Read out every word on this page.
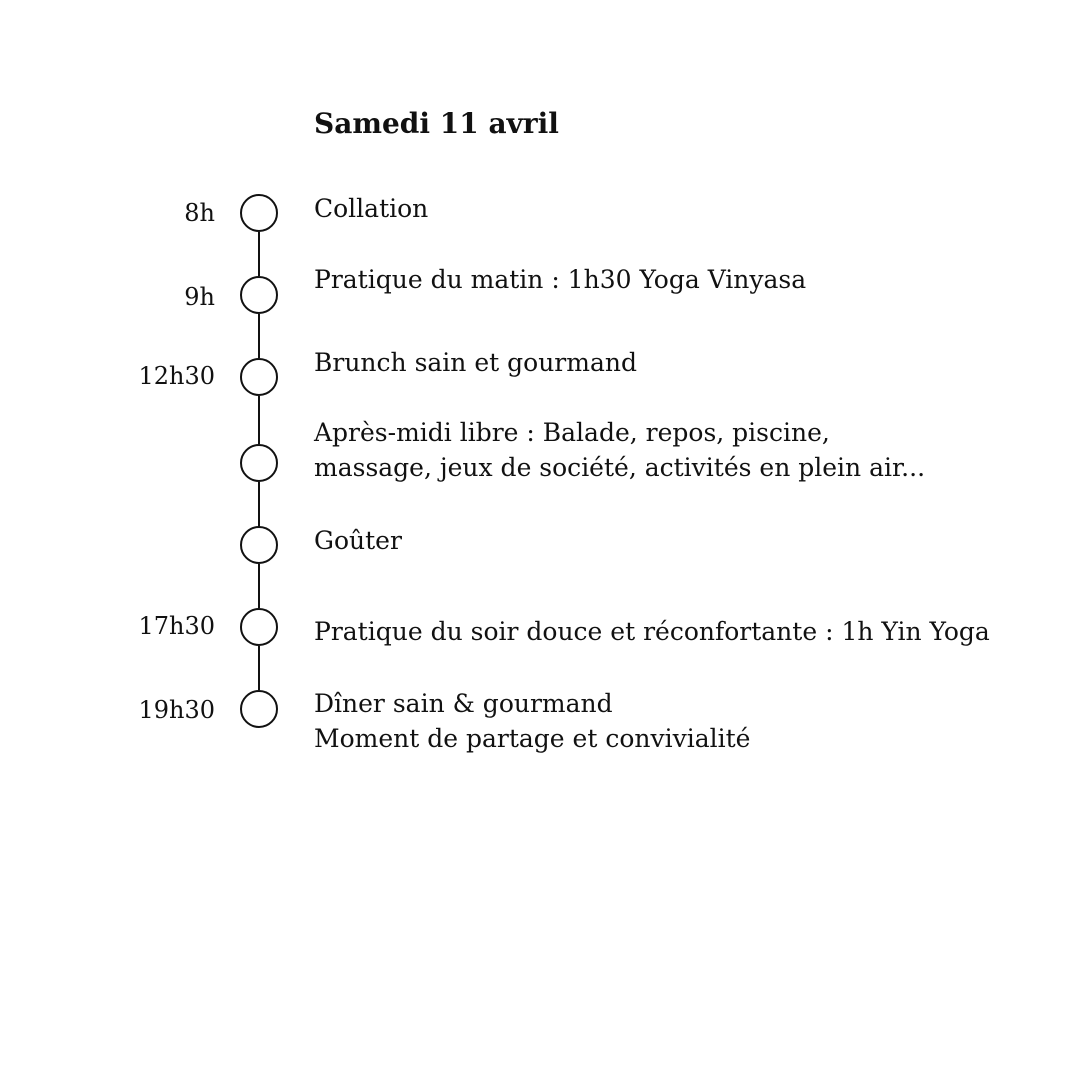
Samedi 11 avril
8h
9h
12h30
17h30
19h30
Collation
Pratique du matin : 1h30 Yoga Vinyasa
Brunch sain et gourmand
Après-midi libre : Balade, repos, piscine,
massage, jeux de société, activités en plein air...
Goûter
Pratique du soir douce et réconfortante : 1h Yin Yoga
Dîner sain & gourmand
Moment de partage et convivialité
